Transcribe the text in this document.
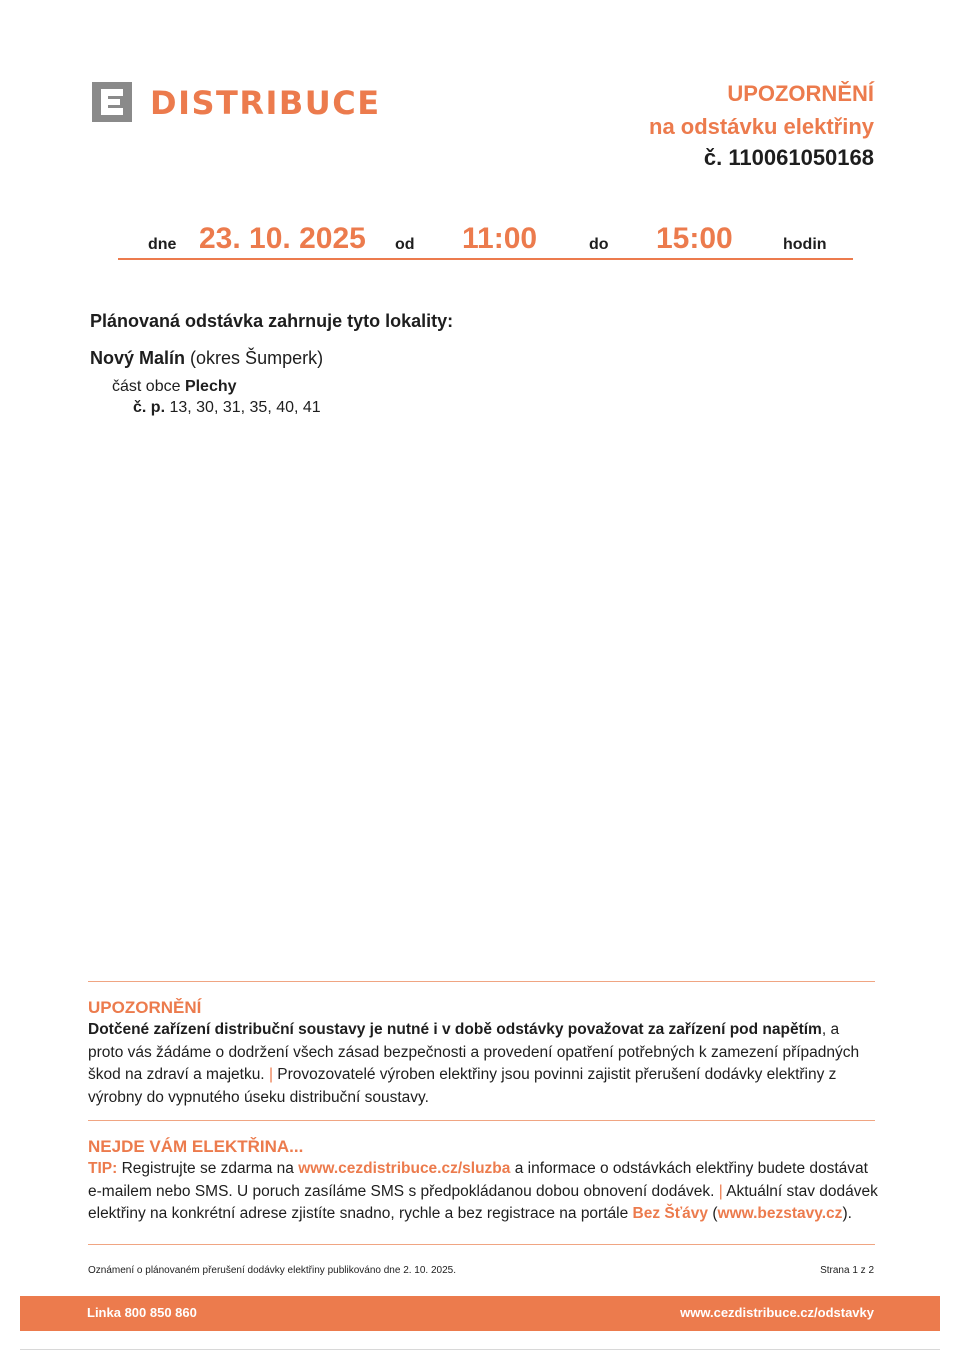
DISTRIBUCE	UPOZORNĚNÍ
na odstávku elektřiny
č. 110061050168
dne 23. 10. 2025 od 11:00	do 15:00	hodin
Plánovaná odstávka zahrnuje tyto lokality:
Nový Malín (okres Šumperk)
část obce Plechy
č. p. 13, 30, 31, 35, 40, 41
UPOZORNĚNÍ
Dotčené zařízení distribuční soustavy je nutné i v době odstávky považovat za zařízení pod napětím, a proto vás žádáme o dodržení všech zásad bezpečnosti a provedení opatření potřebných k zamezení případných škod na zdraví a majetku. | Provozovatelé výroben elektřiny jsou povinni zajistit přerušení dodávky elektřiny z výrobny do vypnutého úseku distribuční soustavy.
NEJDE VÁM ELEKTŘINA...
TIP: Registrujte se zdarma na www.cezdistribuce.cz/sluzba a informace o odstávkách elektřiny budete dostávat e-mailem nebo SMS. U poruch zasíláme SMS s předpokládanou dobou obnovení dodávek. | Aktuální stav dodávek elektřiny na konkrétní adrese zjistíte snadno, rychle a bez registrace na portále Bez Šťávy (www.bezstavy.cz).
Oznámení o plánovaném přerušení dodávky elektřiny publikováno dne 2. 10. 2025.	Strana 1 z 2
Linka 800 850 860	www.cezdistribuce.cz/odstavky
